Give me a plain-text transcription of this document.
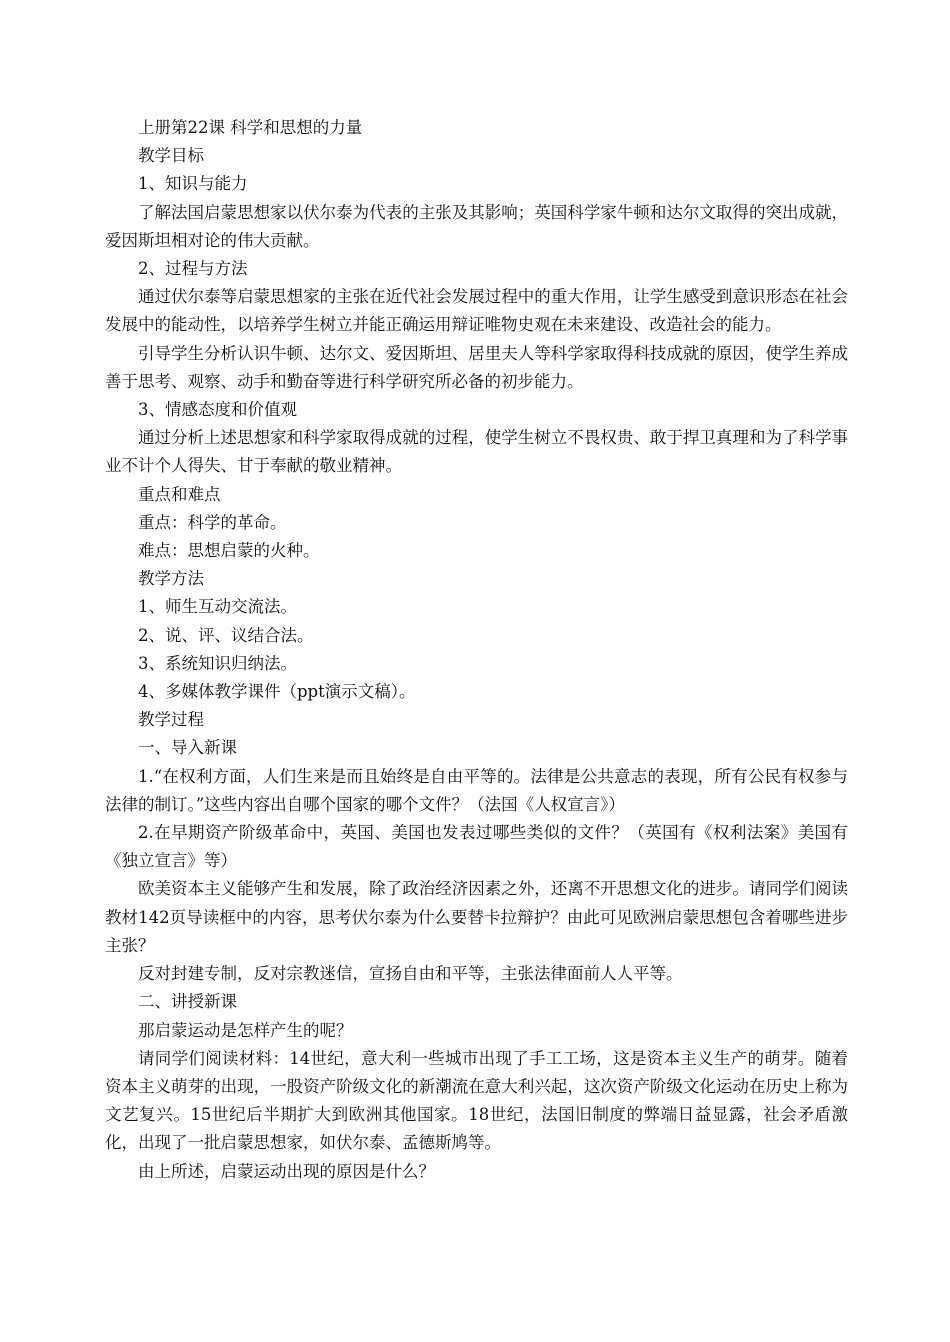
上册第22课 科学和思想的力量

教学目标

1、知识与能力

了解法国启蒙思想家以伏尔泰为代表的主张及其影响；英国科学家牛顿和达尔文取得的突出成就，爱因斯坦相对论的伟大贡献。

2、过程与方法

通过伏尔泰等启蒙思想家的主张在近代社会发展过程中的重大作用，让学生感受到意识形态在社会发展中的能动性，以培养学生树立并能正确运用辩证唯物史观在未来建设、改造社会的能力。

引导学生分析认识牛顿、达尔文、爱因斯坦、居里夫人等科学家取得科技成就的原因，使学生养成善于思考、观察、动手和勤奋等进行科学研究所必备的初步能力。

3、情感态度和价值观

通过分析上述思想家和科学家取得成就的过程，使学生树立不畏权贵、敢于捍卫真理和为了科学事业不计个人得失、甘于奉献的敬业精神。

重点和难点

重点：科学的革命。

难点：思想启蒙的火种。

教学方法

1、师生互动交流法。

2、说、评、议结合法。

3、系统知识归纳法。

4、多媒体教学课件（ppt演示文稿）。

教学过程

一、导入新课

1.“在权利方面，人们生来是而且始终是自由平等的。法律是公共意志的表现，所有公民有权参与法律的制订。”这些内容出自哪个国家的哪个文件？（法国《人权宣言》）

2.在早期资产阶级革命中，英国、美国也发表过哪些类似的文件？（英国有《权利法案》美国有《独立宣言》等）

欧美资本主义能够产生和发展，除了政治经济因素之外，还离不开思想文化的进步。请同学们阅读教材142页导读框中的内容，思考伏尔泰为什么要替卡拉辩护？由此可见欧洲启蒙思想包含着哪些进步主张？

反对封建专制，反对宗教迷信，宣扬自由和平等，主张法律面前人人平等。

二、讲授新课

那启蒙运动是怎样产生的呢？

请同学们阅读材料：14世纪，意大利一些城市出现了手工工场，这是资本主义生产的萌芽。随着资本主义萌芽的出现，一股资产阶级文化的新潮流在意大利兴起，这次资产阶级文化运动在历史上称为文艺复兴。15世纪后半期扩大到欧洲其他国家。18世纪，法国旧制度的弊端日益显露，社会矛盾激化，出现了一批启蒙思想家，如伏尔泰、孟德斯鸠等。

由上所述，启蒙运动出现的原因是什么？
